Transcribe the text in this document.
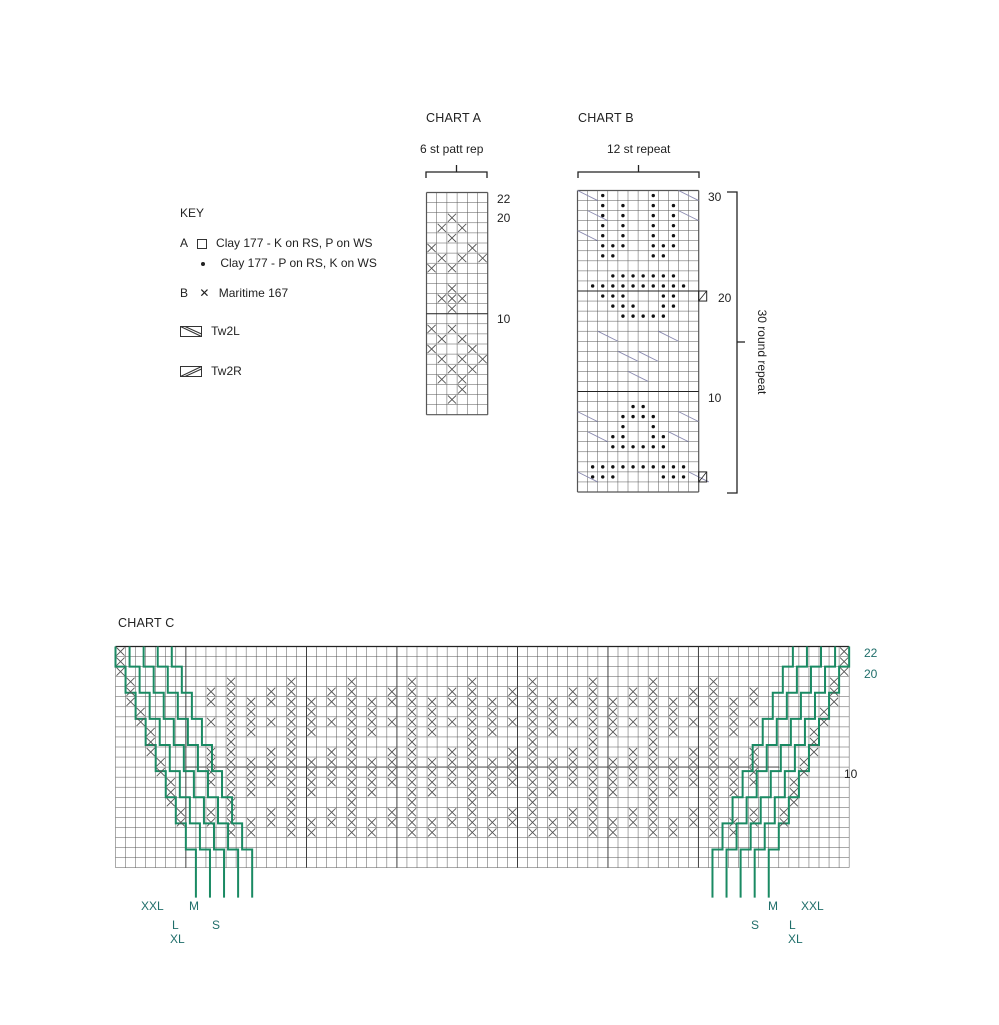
KEY
A Clay 177 - K on RS, P on WS
Clay 177 - P on RS, K on WS
B ✕ Maritime 167
Tw2L
Tw2R
CHART A
6 st patt rep
22
20
10
CHART B
12 st repeat
30
20
10
30 round repeat
CHART C
22
20
10
XXL M
L
XL
S	S
M
L
XXL
XL
